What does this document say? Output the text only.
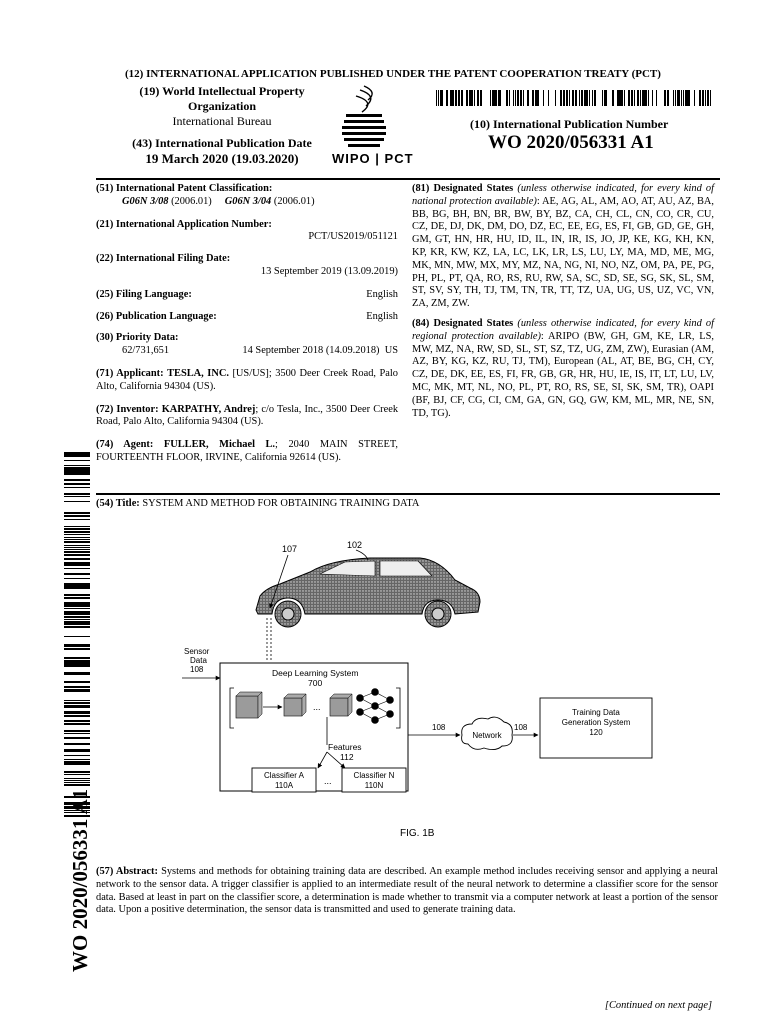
(12) INTERNATIONAL APPLICATION PUBLISHED UNDER THE PATENT COOPERATION TREATY (PCT)
(19) World Intellectual Property
Organization
International Bureau
(43) International Publication Date
19 March 2020 (19.03.2020)	WIPO | PCT
(10) International Publication Number
WO 2020/056331 A1

(51) International Patent Classification:

G06N 3/08 (2006.01) G06N 3/04 (2006.01)

(21) International Application Number:

PCT/US2019/051121

(22) International Filing Date:

13 September 2019 (13.09.2019)

(25) Filing Language:	English
(26) Publication Language:	English

(30) Priority Data:

62/731,651	14 September 2018 (14.09.2018) US

(71) Applicant: TESLA, INC. [US/US]; 3500 Deer Creek Road, Palo Alto, California 94304 (US).

(72) Inventor: KARPATHY, Andrej; c/o Tesla, Inc., 3500 Deer Creek Road, Palo Alto, California 94304 (US).

(74) Agent: FULLER, Michael L.; 2040 MAIN STREET, FOURTEENTH FLOOR, IRVINE, California 92614 (US).

(81) Designated States (unless otherwise indicated, for every kind of national protection available): AE, AG, AL, AM, AO, AT, AU, AZ, BA, BB, BG, BH, BN, BR, BW, BY, BZ, CA, CH, CL, CN, CO, CR, CU, CZ, DE, DJ, DK, DM, DO, DZ, EC, EE, EG, ES, FI, GB, GD, GE, GH, GM, GT, HN, HR, HU, ID, IL, IN, IR, IS, JO, JP, KE, KG, KH, KN, KP, KR, KW, KZ, LA, LC, LK, LR, LS, LU, LY, MA, MD, ME, MG, MK, MN, MW, MX, MY, MZ, NA, NG, NI, NO, NZ, OM, PA, PE, PG, PH, PL, PT, QA, RO, RS, RU, RW, SA, SC, SD, SE, SG, SK, SL, SM, ST, SV, SY, TH, TJ, TM, TN, TR, TT, TZ, UA, UG, US, UZ, VC, VN, ZA, ZM, ZW.

(84) Designated States (unless otherwise indicated, for every kind of regional protection available): ARIPO (BW, GH, GM, KE, LR, LS, MW, MZ, NA, RW, SD, SL, ST, SZ, TZ, UG, ZM, ZW), Eurasian (AM, AZ, BY, KG, KZ, RU, TJ, TM), European (AL, AT, BE, BG, CH, CY, CZ, DE, DK, EE, ES, FI, FR, GB, GR, HR, HU, IE, IS, IT, LT, LU, LV, MC, MK, MT, NL, NO, PL, PT, RO, RS, SE, SI, SK, SM, TR), OAPI (BF, BJ, CF, CG, CI, CM, GA, GN, GQ, GW, KM, ML, MR, NE, SN, TD, TG).

WO 2020/056331 A1
(54) Title: SYSTEM AND METHOD FOR OBTAINING TRAINING DATA
107	102
Sensor
Data
108	Deep Learning System
700
...
Features
112
Classifier A
110A	...
Classifier N
110N
108
Network
108
Training Data
Generation System
120
FIG. 1B
(57) Abstract: Systems and methods for obtaining training data are described. An example method includes receiving sensor and applying a neural network to the sensor data. A trigger classifier is applied to an intermediate result of the neural network to determine a classifier score for the sensor data. Based at least in part on the classifier score, a determination is made whether to transmit via a computer network at least a portion of the sensor data. Upon a positive determination, the sensor data is transmitted and used to generate training data.
[Continued on next page]
